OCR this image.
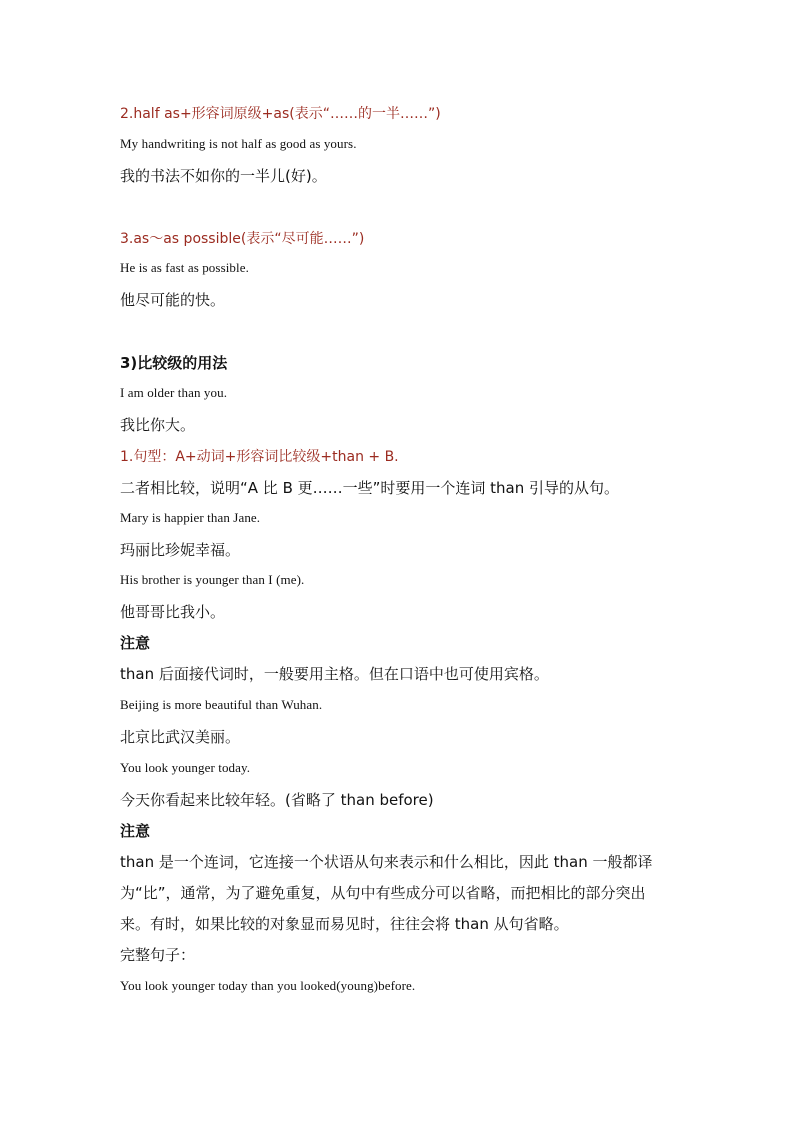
2.half as+形容词原级+as(表示“……的一半……”)
My handwriting is not half as good as yours.
我的书法不如你的一半儿(好)。
3.as～as possible(表示“尽可能……”)
He is as fast as possible.
他尽可能的快。
3)比较级的用法
I am older than you.
我比你大。
1.句型：A+动词+形容词比较级+than + B.
二者相比较，说明“A 比 B 更……一些”时要用一个连词 than 引导的从句。
Mary is happier than Jane.
玛丽比珍妮幸福。
His brother is younger than I (me).
他哥哥比我小。
注意
than 后面接代词时，一般要用主格。但在口语中也可使用宾格。
Beijing is more beautiful than Wuhan.
北京比武汉美丽。
You look younger today.
今天你看起来比较年轻。(省略了 than before)
注意
than 是一个连词，它连接一个状语从句来表示和什么相比，因此 than 一般都译
为“比”，通常，为了避免重复，从句中有些成分可以省略，而把相比的部分突出
来。有时，如果比较的对象显而易见时，往往会将 than 从句省略。
完整句子：
You look younger today than you looked(young)before.
